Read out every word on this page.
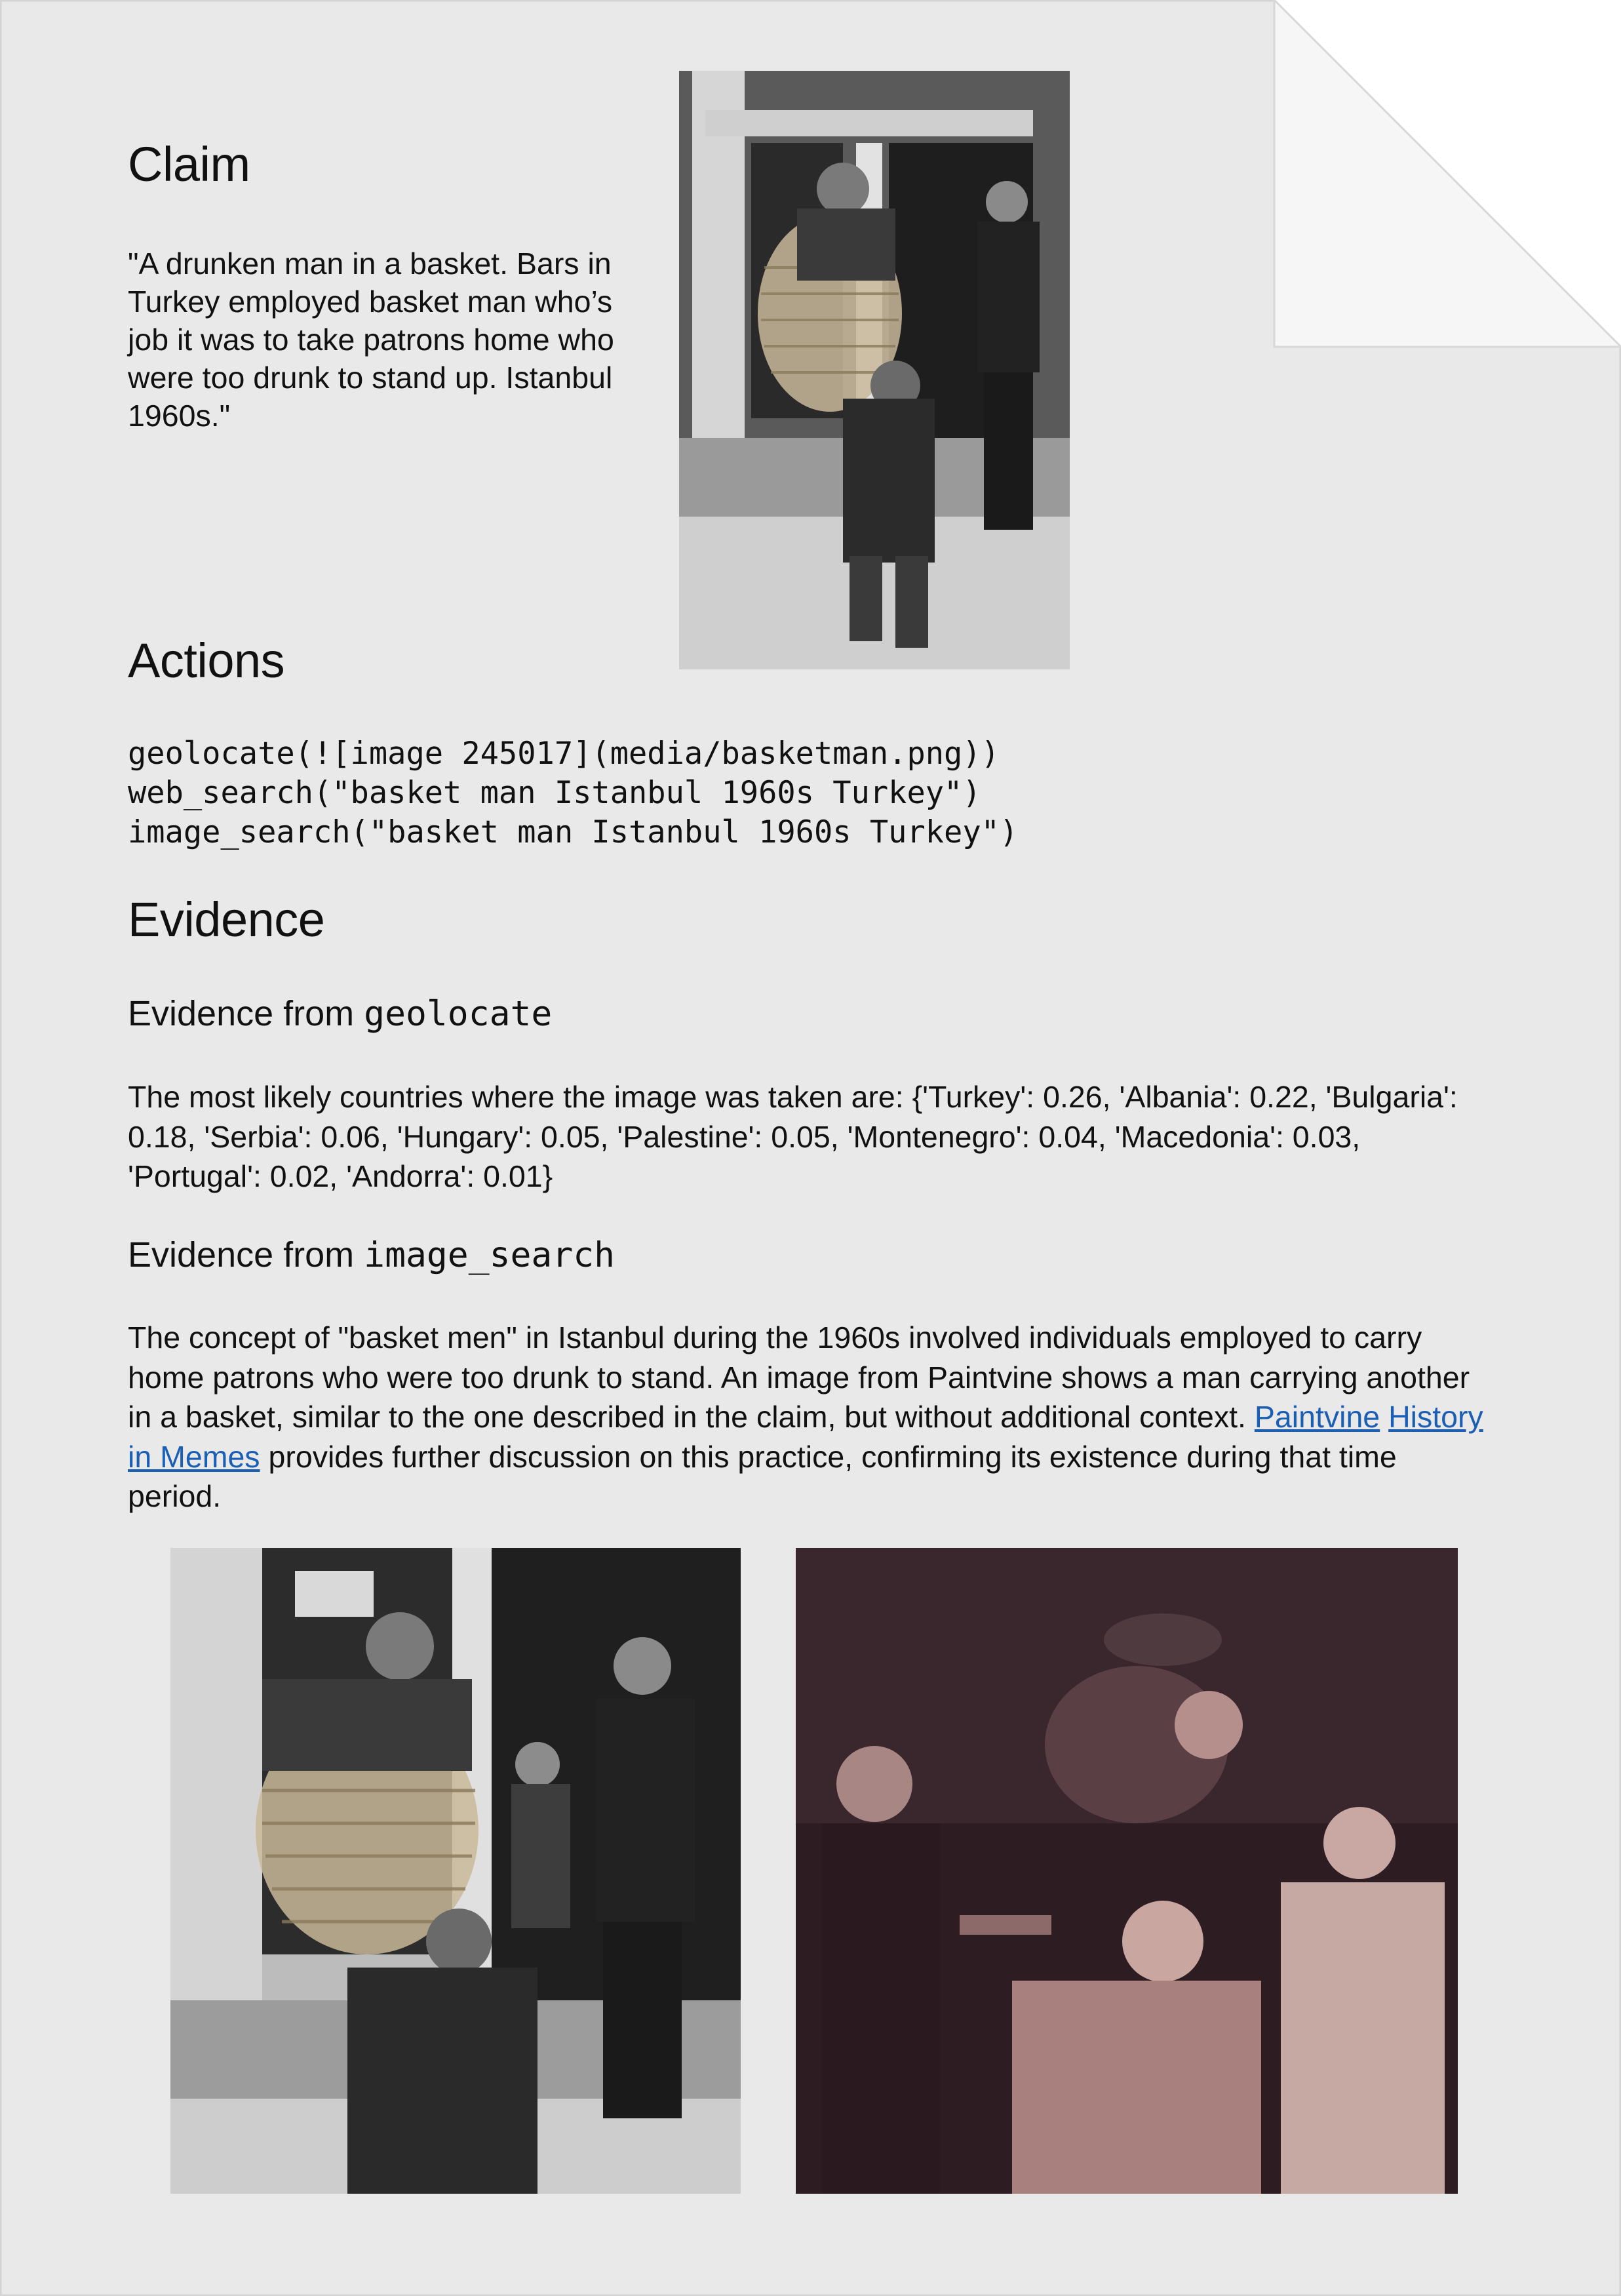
Claim
"A drunken man in a basket. Bars in Turkey employed basket man who’s job it was to take patrons home who were too drunk to stand up. Istanbul 1960s."
Actions
geolocate(![image 245017](media/basketman.png))
web_search("basket man Istanbul 1960s Turkey")
image_search("basket man Istanbul 1960s Turkey")
Evidence
Evidence from geolocate
The most likely countries where the image was taken are: {'Turkey': 0.26, 'Albania': 0.22, 'Bulgaria': 0.18, 'Serbia': 0.06, 'Hungary': 0.05, 'Palestine': 0.05, 'Montenegro': 0.04, 'Macedonia': 0.03, 'Portugal': 0.02, 'Andorra': 0.01}
Evidence from image_search
The concept of "basket men" in Istanbul during the 1960s involved individuals employed to carry home patrons who were too drunk to stand. An image from Paintvine shows a man carrying another in a basket, similar to the one described in the claim, but without additional context. Paintvine History in Memes provides further discussion on this practice, confirming its existence during that time period.
